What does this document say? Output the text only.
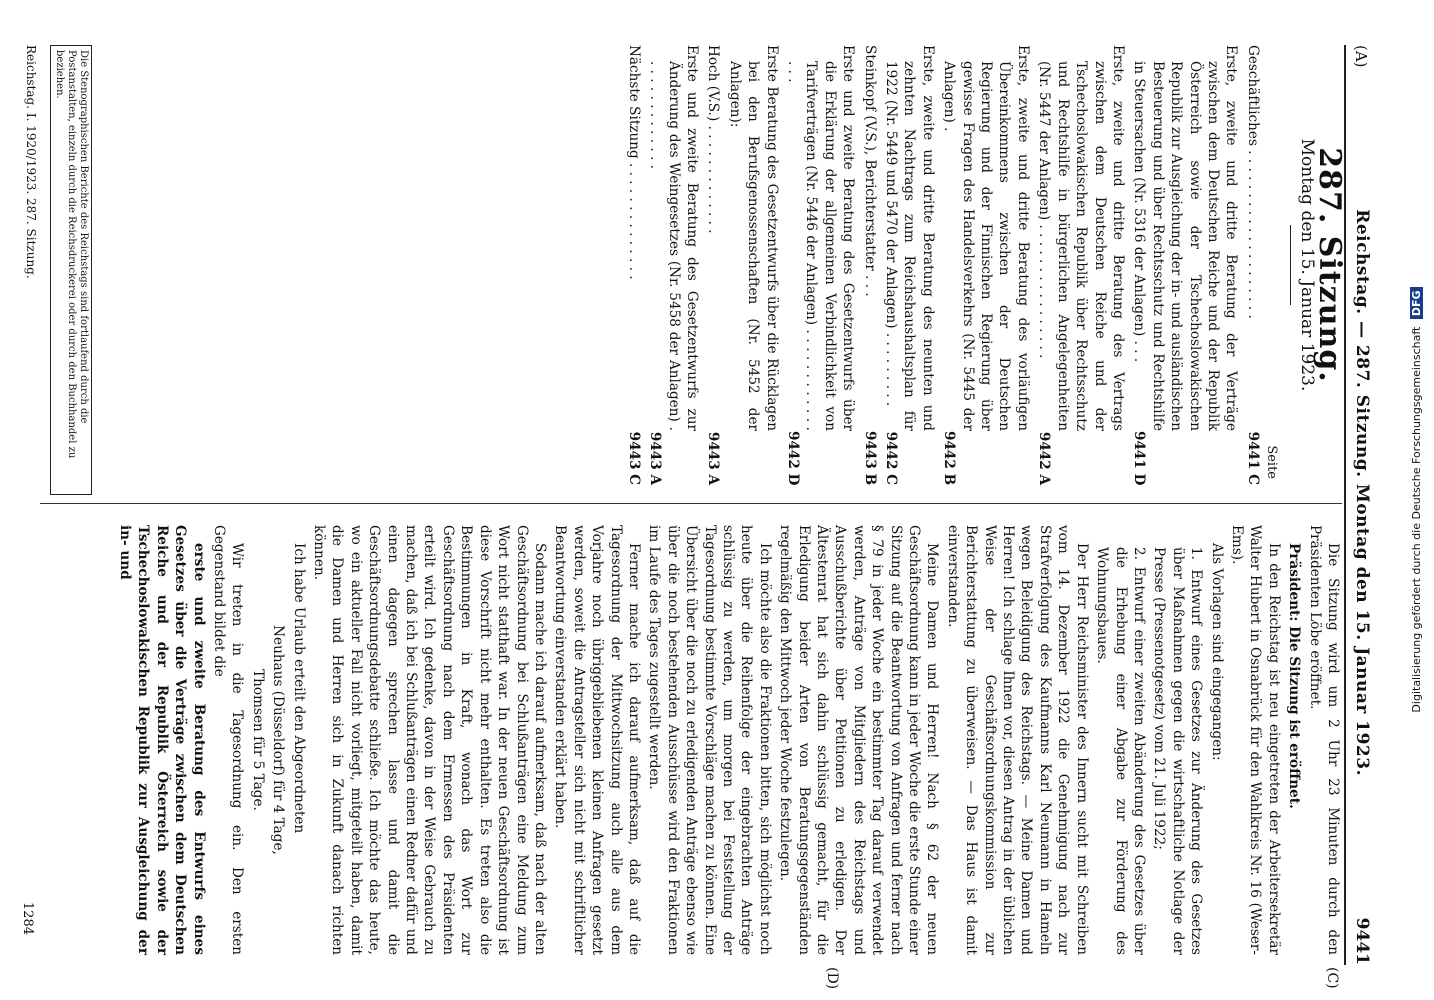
(A)
Reichstag. — 287. Sitzung. Montag den 15. Januar 1923.
9441
287. Sitzung.
Montag den 15. Januar 1923.
Seite
Geschäftliches . . . . . . . . . . . . . . . . . . . .
9441 C
Erste, zweite und dritte Beratung der Verträge zwischen dem Deutschen Reiche und der Republik Österreich sowie der Tschechoslowakischen Republik zur Ausgleichung der in- und ausländischen Besteuerung und über Rechtsschutz und Rechtshilfe in Steuersachen (Nr. 5316 der Anlagen) . . .
9441 D
Erste, zweite und dritte Beratung des Vertrags zwischen dem Deutschen Reiche und der Tschechoslowakischen Republik über Rechtsschutz und Rechtshilfe in bürgerlichen Angelegenheiten (Nr. 5447 der Anlagen) . . . . . . . . . . . . . . . .
9442 A
Erste, zweite und dritte Beratung des vorläufigen Übereinkommens zwischen der Deutschen Regierung und der Finnischen Regierung über gewisse Fragen des Handelsverkehrs (Nr. 5445 der Anlagen) .
9442 B
Erste, zweite und dritte Beratung des neunten und zehnten Nachtrags zum Reichshaushaltsplan für 1922 (Nr. 5449 und 5470 der Anlagen) . . . . . . . . .
9442 C
Steinkopf (V.S.), Berichterstatter . . .
9443 B
Erste und zweite Beratung des Gesetzentwurfs über die Erklärung der allgemeinen Verbindlichkeit von Tarifverträgen (Nr. 5446 der Anlagen) . . . . . . . . . . . . . . .
9442 D
Erste Beratung des Gesetzentwurfs über die Rücklagen bei den Berufsgenossenschaften (Nr. 5452 der Anlagen):
Hoch (V.S.) . . . . . . . . . . . . .
9443 A
Erste und zweite Beratung des Gesetzentwurfs zur Änderung des Weingesetzes (Nr. 5458 der Anlagen) . . . . . . . . . . . . . .
9443 A
Nächste Sitzung . . . . . . . . . . . . . .
9443 C
Die Stenographischen Berichte des Reichstags sind fortlaufend durch die Postanstalten, einzeln durch die Reichsdruckerei oder durch den Buchhandel zu beziehen.

Die Sitzung wird um 2 Uhr 23 Minuten durch den Präsidenten Löbe eröffnet.

Präsident: Die Sitzung ist eröffnet.

In den Reichstag ist neu eingetreten der Arbeitersekretär Walter Hubert in Osnabrück für den Wahlkreis Nr. 16 (Weser-Ems).

Als Vorlagen sind eingegangen:

1. Entwurf eines Gesetzes zur Änderung des Gesetzes über Maßnahmen gegen die wirtschaftliche Notlage der Presse (Pressenotgesetz) vom 21. Juli 1922;

2. Entwurf einer zweiten Abänderung des Gesetzes über die Erhebung einer Abgabe zur Förderung des Wohnungsbaues.

Der Herr Reichsminister des Innern sucht mit Schreiben vom 14. Dezember 1922 die Genehmigung nach zur Strafverfolgung des Kaufmanns Karl Neumann in Hameln wegen Beleidigung des Reichstags. — Meine Damen und Herren! Ich schlage Ihnen vor, diesen Antrag in der üblichen Weise der Geschäftsordnungskommission zur Berichterstattung zu überweisen. — Das Haus ist damit einverstanden.

Meine Damen und Herren! Nach § 62 der neuen Geschäftsordnung kann in jeder Woche die erste Stunde einer Sitzung auf die Beantwortung von Anfragen und ferner nach § 79 in jeder Woche ein bestimmter Tag darauf verwendet werden, Anträge von Mitgliedern des Reichstags und Ausschußberichte über Petitionen zu erledigen. Der Ältestenrat hat sich dahin schlüssig gemacht, für die Erledigung beider Arten von Beratungsgegenständen regelmäßig den Mittwoch jeder Woche festzulegen.

Ich möchte also die Fraktionen bitten, sich möglichst noch heute über die Reihenfolge der eingebrachten Anträge schlüssig zu werden, um morgen bei Feststellung der Tagesordnung bestimmte Vorschläge machen zu können. Eine Übersicht über die noch zu erledigenden Anträge ebenso wie über die noch bestehenden Ausschüsse wird den Fraktionen im Laufe des Tages zugestellt werden.

Ferner mache ich darauf aufmerksam, daß auf die Tagesordnung der Mittwochsitzung auch alle aus dem Vorjahre noch übriggebliebenen kleinen Anfragen gesetzt werden, soweit die Antragsteller sich nicht mit schriftlicher Beantwortung einverstanden erklärt haben.

Sodann mache ich darauf aufmerksam, daß nach der alten Geschäftsordnung bei Schlußanträgen eine Meldung zum Wort nicht statthaft war. In der neuen Geschäftsordnung ist diese Vorschrift nicht mehr enthalten. Es treten also die Bestimmungen in Kraft, wonach das Wort zur Geschäftsordnung nach dem Ermessen des Präsidenten erteilt wird. Ich gedenke, davon in der Weise Gebrauch zu machen, daß ich bei Schlußanträgen einen Redner dafür und einen dagegen sprechen lasse und damit die Geschäftsordnungsdebatte schließe. Ich möchte das heute, wo ein aktueller Fall nicht vorliegt, mitgeteilt haben, damit die Damen und Herren sich in Zukunft danach richten können.

Ich habe Urlaub erteilt den Abgeordneten

Neuhaus (Düsseldorf) für 4 Tage,

Thomsen für 5 Tage.

Wir treten in die Tagesordnung ein. Den ersten Gegenstand bildet die

erste und zweite Beratung des Entwurfs eines Gesetzes über die Verträge zwischen dem Deutschen Reiche und der Republik Österreich sowie der Tschechoslowakischen Republik zur Ausgleichung der in- und

(C)
(D)
1284
Reichstag. I. 1920/1923. 287. Sitzung.
Digitalisierung gefördert durch die Deutsche Forschungsgemeinschaft DFG
